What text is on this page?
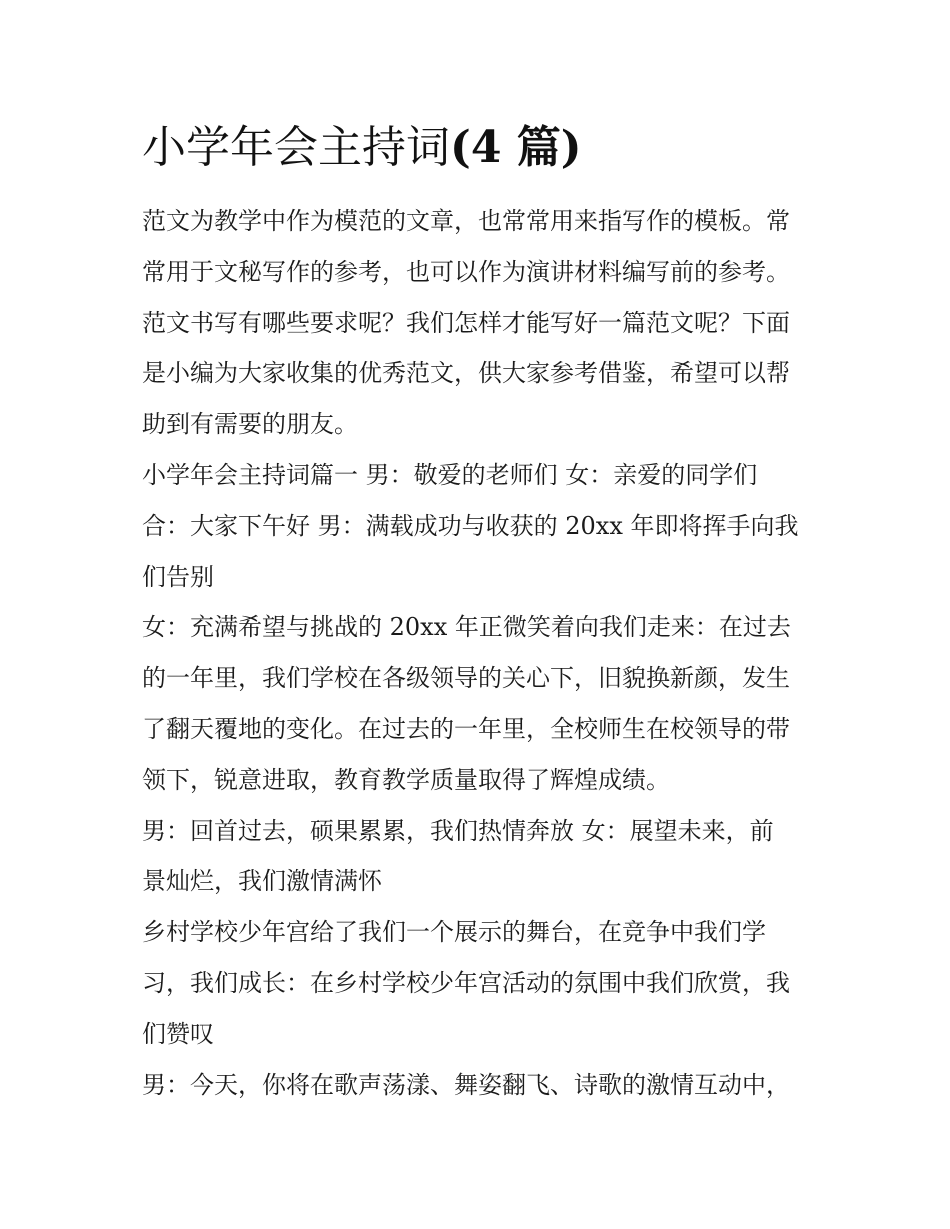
小学年会主持词(4 篇)
范文为教学中作为模范的文章，也常常用来指写作的模板。常
常用于文秘写作的参考，也可以作为演讲材料编写前的参考。
范文书写有哪些要求呢？我们怎样才能写好一篇范文呢？下面
是小编为大家收集的优秀范文，供大家参考借鉴，希望可以帮
助到有需要的朋友。
小学年会主持词篇一 男：敬爱的老师们 女：亲爱的同学们
合：大家下午好 男：满载成功与收获的 20xx 年即将挥手向我
们告别
女：充满希望与挑战的 20xx 年正微笑着向我们走来：在过去
的一年里，我们学校在各级领导的关心下，旧貌换新颜，发生
了翻天覆地的变化。在过去的一年里，全校师生在校领导的带
领下，锐意进取，教育教学质量取得了辉煌成绩。
男：回首过去，硕果累累，我们热情奔放 女：展望未来，前
景灿烂，我们激情满怀
乡村学校少年宫给了我们一个展示的舞台，在竞争中我们学
习，我们成长：在乡村学校少年宫活动的氛围中我们欣赏，我
们赞叹
男：今天，你将在歌声荡漾、舞姿翻飞、诗歌的激情互动中，
